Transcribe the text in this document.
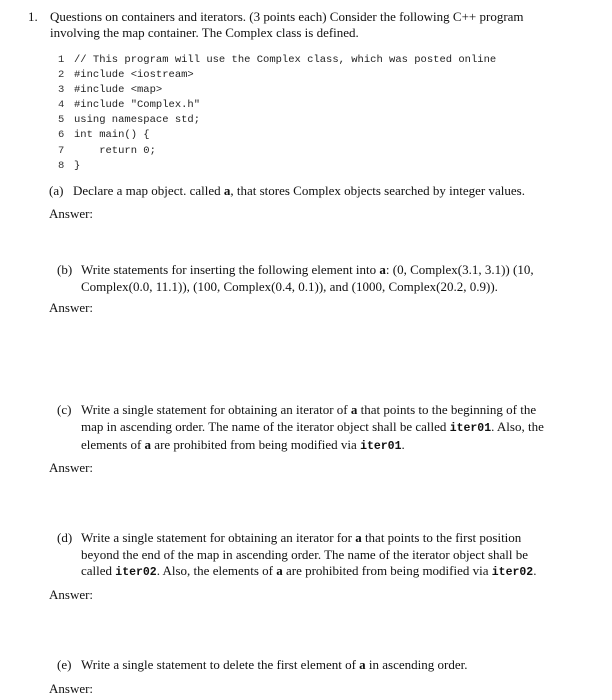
1. Questions on containers and iterators. (3 points each) Consider the following C++ program involving the map container. The Complex class is defined.
1 // This program will use the Complex class, which was posted online
2 #include <iostream>
3 #include <map>
4 #include "Complex.h"
5 using namespace std;
6 int main() {
7    return 0;
8 }
(a) Declare a map object. called a, that stores Complex objects searched by integer values.
Answer:
(b) Write statements for inserting the following element into a: (0, Complex(3.1, 3.1)) (10, Complex(0.0, 11.1)), (100, Complex(0.4, 0.1)), and (1000, Complex(20.2, 0.9)).
Answer:
(c) Write a single statement for obtaining an iterator of a that points to the beginning of the map in ascending order. The name of the iterator object shall be called iter01. Also, the elements of a are prohibited from being modified via iter01.
Answer:
(d) Write a single statement for obtaining an iterator for a that points to the first position beyond the end of the map in ascending order. The name of the iterator object shall be called iter02. Also, the elements of a are prohibited from being modified via iter02.
Answer:
(e) Write a single statement to delete the first element of a in ascending order.
Answer:
